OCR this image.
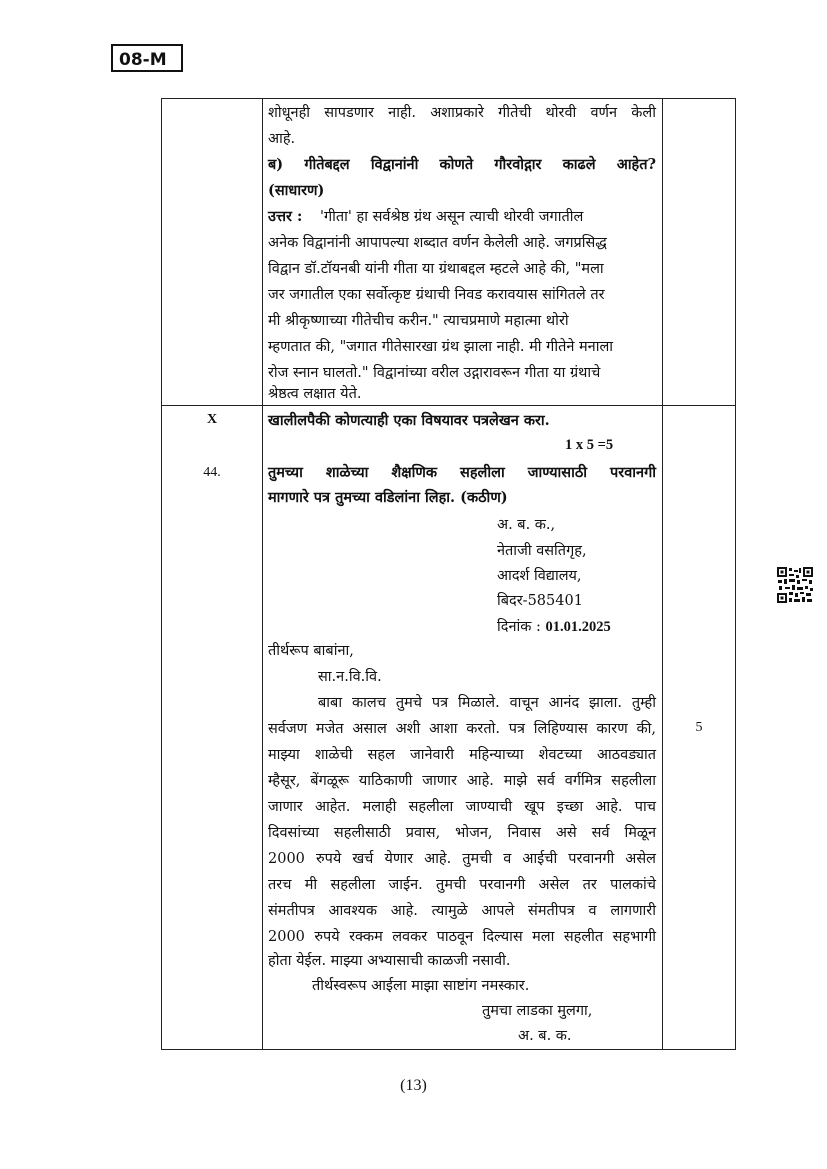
08-M
शोधूनही सापडणार नाही. अशाप्रकारे गीतेची थोरवी वर्णन केली
आहे.
ब) गीतेबद्दल विद्वानांनी कोणते गौरवोद्गार काढले आहेत?
(साधारण)
उत्तर : 'गीता' हा सर्वश्रेष्ठ ग्रंथ असून त्याची थोरवी जगातील
अनेक विद्वानांनी आपापल्या शब्दात वर्णन केलेली आहे. जगप्रसिद्ध
विद्वान डॉ.टॉयनबी यांनी गीता या ग्रंथाबद्दल म्हटले आहे की, "मला
जर जगातील एका सर्वोत्कृष्ट ग्रंथाची निवड करावयास सांगितले तर
मी श्रीकृष्णाच्या गीतेचीच करीन." त्याचप्रमाणे महात्मा थोरो
म्हणतात की, "जगात गीतेसारखा ग्रंथ झाला नाही. मी गीतेने मनाला
रोज स्नान घालतो." विद्वानांच्या वरील उद्गारावरून गीता या ग्रंथाचे
श्रेष्ठत्व लक्षात येते.
X
44.
खालीलपैकी कोणत्याही एका विषयावर पत्रलेखन करा.
1 x 5 =5
तुमच्या शाळेच्या शैक्षणिक सहलीला जाण्यासाठी परवानगी
मागणारे पत्र तुमच्या वडिलांना लिहा. (कठीण)
अ. ब. क.,
नेताजी वसतिगृह,
आदर्श विद्यालय,
बिदर-585401
दिनांक : 01.01.2025
तीर्थरूप बाबांना,
सा.न.वि.वि.
बाबा कालच तुमचे पत्र मिळाले. वाचून आनंद झाला. तुम्ही
सर्वजण मजेत असाल अशी आशा करतो. पत्र लिहिण्यास कारण की,
माझ्या शाळेची सहल जानेवारी महिन्याच्या शेवटच्या आठवड्यात
म्हैसूर, बेंगळूरू याठिकाणी जाणार आहे. माझे सर्व वर्गमित्र सहलीला
जाणार आहेत. मलाही सहलीला जाण्याची खूप इच्छा आहे. पाच
दिवसांच्या सहलीसाठी प्रवास, भोजन, निवास असे सर्व मिळून
2000 रुपये खर्च येणार आहे. तुमची व आईची परवानगी असेल
तरच मी सहलीला जाईन. तुमची परवानगी असेल तर पालकांचे
संमतीपत्र आवश्यक आहे. त्यामुळे आपले संमतीपत्र व लागणारी
2000 रुपये रक्कम लवकर पाठवून दिल्यास मला सहलीत सहभागी
होता येईल. माझ्या अभ्यासाची काळजी नसावी.
तीर्थस्वरूप आईला माझा साष्टांग नमस्कार.
तुमचा लाडका मुलगा,
अ. ब. क.
5
(13)
